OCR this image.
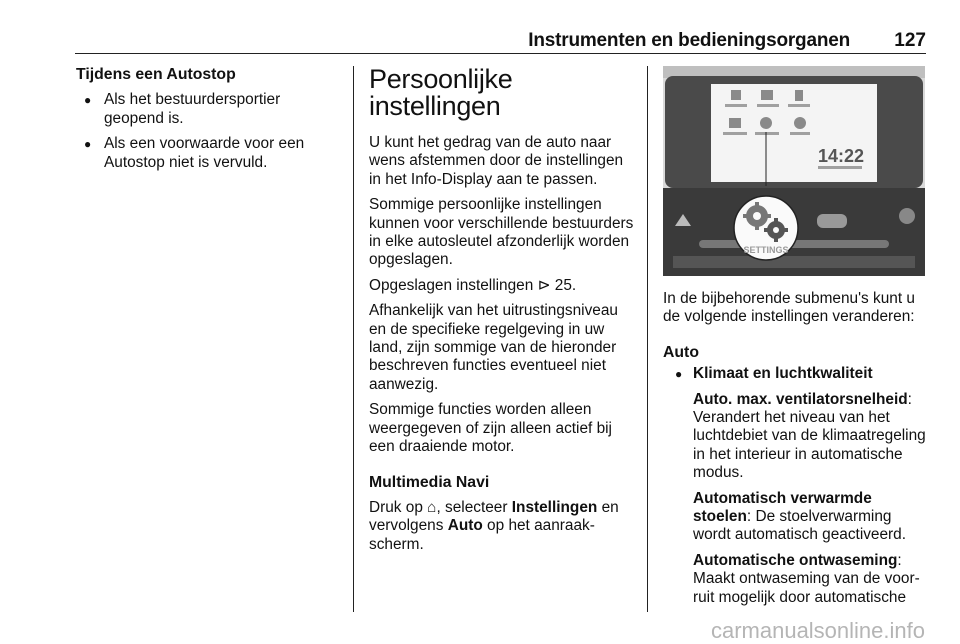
Instrumenten en bedieningsorganen	127
Tijdens een Autostop
● Als het bestuurdersportier geopend is.
● Als een voorwaarde voor een Autostop niet is vervuld.
Persoonlijke
instellingen

U kunt het gedrag van de auto naar wens afstemmen door de instellingen in het Info-Display aan te passen.

Sommige persoonlijke instellingen kunnen voor verschillende bestuurders in elke autosleutel afzonderlijk worden opgeslagen.

Opgeslagen instellingen ⊳ 25.

Afhankelijk van het uitrustingsniveau en de specifieke regelgeving in uw land, zijn sommige van de hieronder beschreven functies eventueel niet aanwezig.

Sommige functies worden alleen weergegeven of zijn alleen actief bij een draaiende motor.

Multimedia Navi

Druk op ⌂, selecteer Instellingen en vervolgens Auto op het aanraakscherm.

14:22
SETTINGS

In de bijbehorende submenu's kunt u de volgende instellingen veranderen:

Auto
● Klimaat en luchtkwaliteit
Auto. max. ventilatorsnelheid: Verandert het niveau van het luchtdebiet van de klimaatregeling in het interieur in automatische modus.
Automatisch verwarmde stoelen: De stoelverwarming wordt automatisch geactiveerd.
Automatische ontwaseming: Maakt ontwaseming van de voorruit mogelijk door automatische
carmanualsonline.info
